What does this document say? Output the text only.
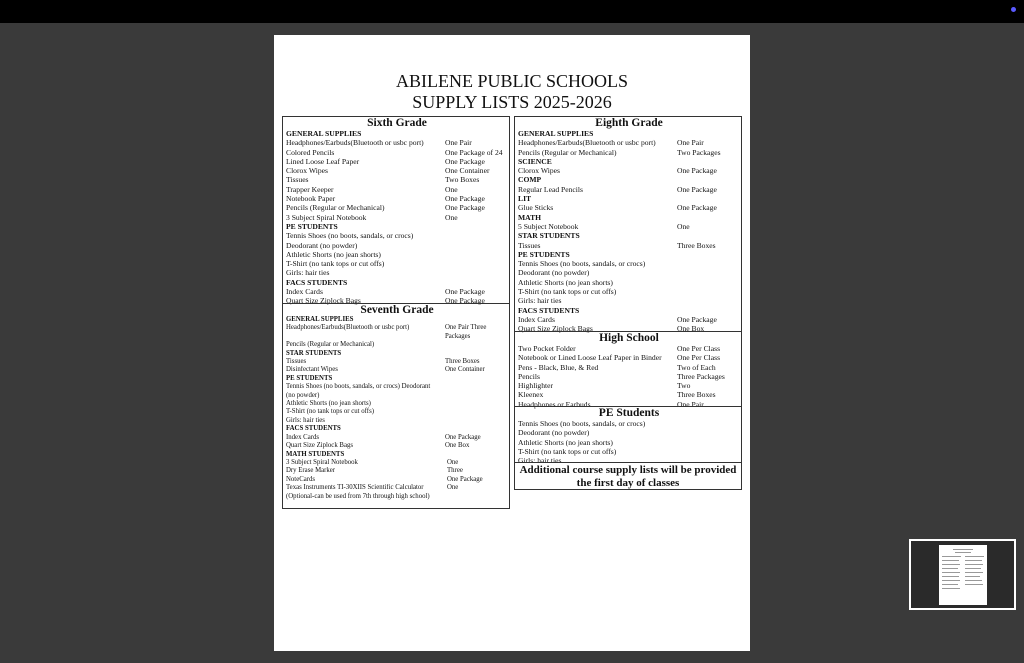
ABILENE PUBLIC SCHOOLS
SUPPLY LISTS 2025-2026
Sixth Grade
GENERAL SUPPLIES
Headphones/Earbuds(Bluetooth or usbc port)	One Pair
Colored Pencils	One Package of 24
Lined Loose Leaf Paper	One Package
Clorox Wipes	One Container
Tissues	Two Boxes
Trapper Keeper	One
Notebook Paper	One Package
Pencils (Regular or Mechanical)	One Package
3 Subject Spiral Notebook	One
PE STUDENTS
Tennis Shoes (no boots, sandals, or crocs)
Deodorant (no powder)
Athletic Shorts (no jean shorts)
T-Shirt (no tank tops or cut offs)
Girls: hair ties
FACS STUDENTS
Index Cards	One Package
Quart Size Ziplock Bags	One Package
Seventh Grade
GENERAL SUPPLIES
Headphones/Earbuds(Bluetooth or usbc port)	One Pair Three
Packages
Pencils (Regular or Mechanical)
STAR STUDENTS
Tissues	Three Boxes
Disinfectant Wipes	One Container
PE STUDENTS
Tennis Shoes (no boots, sandals, or crocs) Deodorant
(no powder)
Athletic Shorts (no jean shorts)
T-Shirt (no tank tops or cut offs)
Girls: hair ties
FACS STUDENTS
Index Cards	One Package
Quart Size Ziplock Bags	One Box
MATH STUDENTS
3 Subject Spiral Notebook	One
Dry Erase Marker	Three
NoteCards	One Package
Texas Instruments TI-30XIIS Scientific Calculator	One
(Optional-can be used from 7th through high school)
Eighth Grade
GENERAL SUPPLIES
Headphones/Earbuds(Bluetooth or usbc port)	One Pair
Pencils (Regular or Mechanical)	Two Packages
SCIENCE
Clorox Wipes	One Package
COMP
Regular Lead Pencils	One Package
LIT
Glue Sticks	One Package
MATH
5 Subject Notebook	One
STAR STUDENTS
Tissues	Three Boxes
PE STUDENTS
Tennis Shoes (no boots, sandals, or crocs)
Deodorant (no powder)
Athletic Shorts (no jean shorts)
T-Shirt (no tank tops or cut offs)
Girls: hair ties
FACS STUDENTS
Index Cards	One Package
Quart Size Ziplock Bags	One Box
High School
Two Pocket Folder	One Per Class
Notebook or Lined Loose Leaf Paper in Binder	One Per Class
Pens - Black, Blue, & Red	Two of Each
Pencils	Three Packages
Highlighter	Two
Kleenex	Three Boxes
Headphones or Earbuds	One Pair
PE Students
Tennis Shoes (no boots, sandals, or crocs)
Deodorant (no powder)
Athletic Shorts (no jean shorts)
T-Shirt (no tank tops or cut offs)
Girls: hair ties
Additional course supply lists will be provided
the first day of classes
